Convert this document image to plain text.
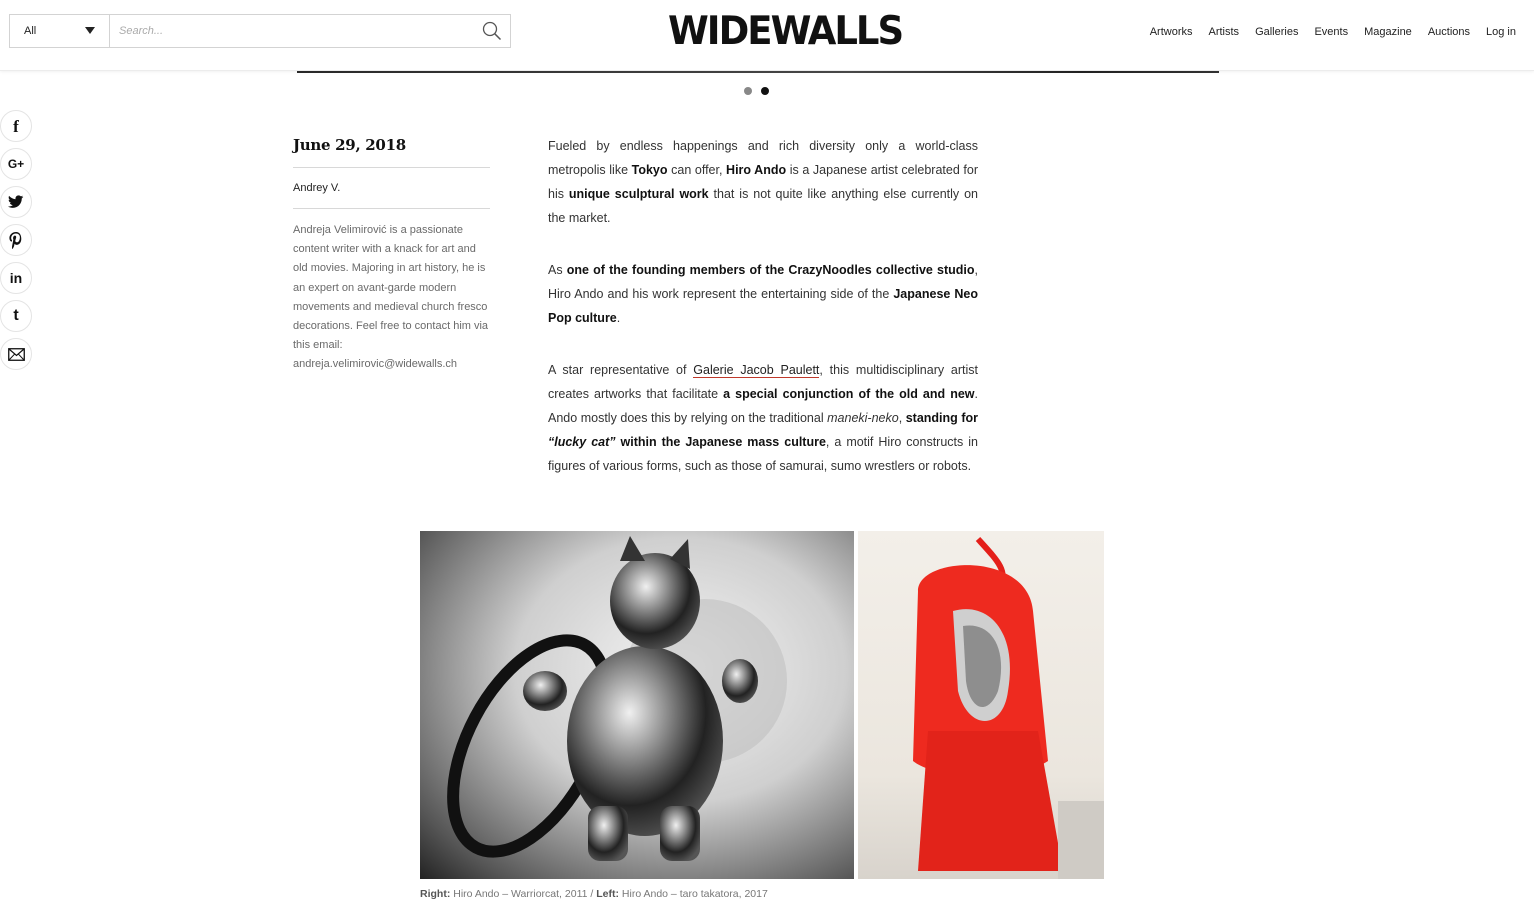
All
Search...	WIDEWALLS	Artworks Artists Galleries Events Magazine Auctions Log in
f
G+
in
t
June 29, 2018
Andrey V.
Andreja Velimirović is a passionate content writer with a knack for art and old movies. Majoring in art history, he is an expert on avant-garde modern movements and medieval church fresco decorations. Feel free to contact him via this email: andreja.velimirovic@widewalls.ch

Fueled by endless happenings and rich diversity only a world-class metropolis like Tokyo can offer, Hiro Ando is a Japanese artist celebrated for his unique sculptural work that is not quite like anything else currently on the market.

As one of the founding members of the CrazyNoodles collective studio, Hiro Ando and his work represent the entertaining side of the Japanese Neo Pop culture.

A star representative of Galerie Jacob Paulett, this multidisciplinary artist creates artworks that facilitate a special conjunction of the old and new. Ando mostly does this by relying on the traditional maneki-neko, standing for “lucky cat” within the Japanese mass culture, a motif Hiro constructs in figures of various forms, such as those of samurai, sumo wrestlers or robots.

Right: Hiro Ando – Warriorcat, 2011 / Left: Hiro Ando – taro takatora, 2017
